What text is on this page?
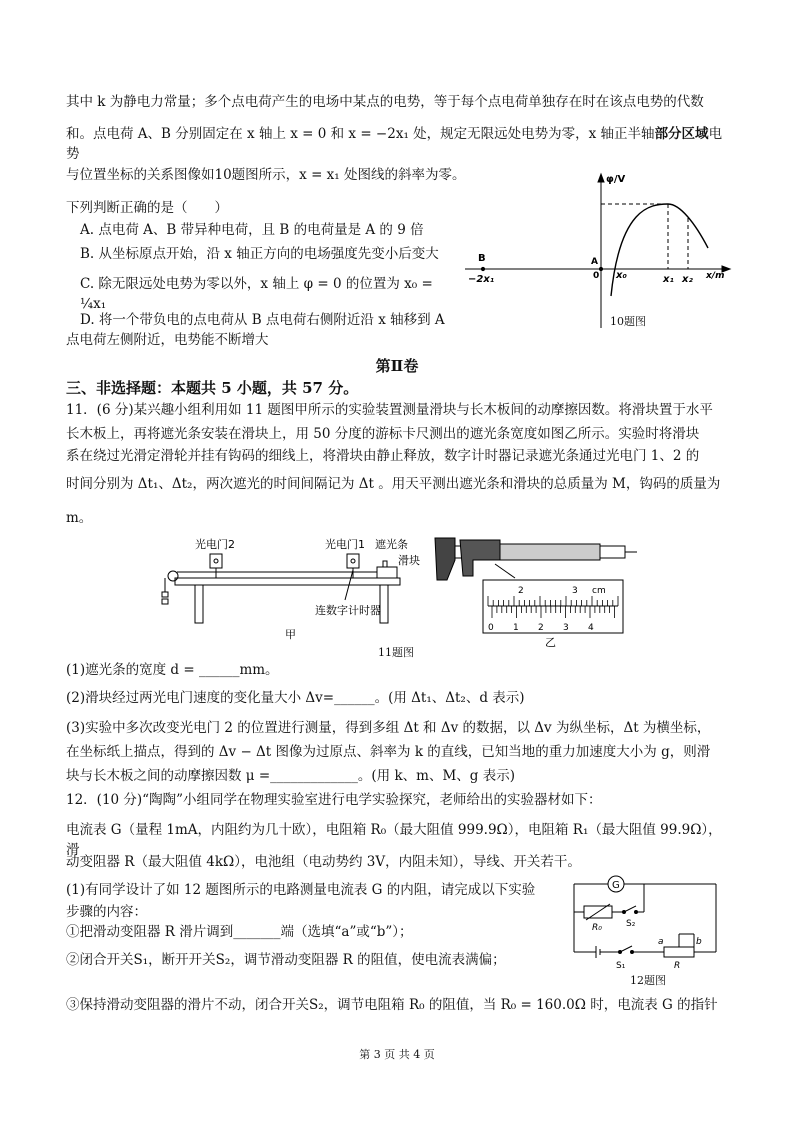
其中 k 为静电力常量；多个点电荷产生的电场中某点的电势，等于每个点电荷单独存在时在该点电势的代数

和。点电荷 A、B 分别固定在 x 轴上 x = 0 和 x = −2x₁ 处，规定无限远处电势为零，x 轴正半轴部分区域电势

与位置坐标的关系图像如10题图所示，x = x₁ 处图线的斜率为零。

下列判断正确的是（　　）

A. 点电荷 A、B 带异种电荷，且 B 的电荷量是 A 的 9 倍

B. 从坐标原点开始，沿 x 轴正方向的电场强度先变小后变大

C. 除无限远处电势为零以外，x 轴上 φ = 0 的位置为 x₀ = ¼x₁

D. 将一个带负电的点电荷从 B 点电荷右侧附近沿 x 轴移到 A

点电荷左侧附近，电势能不断增大

φ/V
x/m
B	A
−2x₁	0 x₀	x₁ x₂
10题图
第Ⅱ卷
三、非选择题：本题共 5 小题，共 57 分。

11．(6 分)某兴趣小组利用如 11 题图甲所示的实验装置测量滑块与长木板间的动摩擦因数。将滑块置于水平

长木板上，再将遮光条安装在滑块上，用 50 分度的游标卡尺测出的遮光条宽度如图乙所示。实验时将滑块

系在绕过光滑定滑轮并挂有钩码的细线上，将滑块由静止释放，数字计时器记录遮光条通过光电门 1、2 的

时间分别为 Δt₁、Δt₂，两次遮光的时间间隔记为 Δt 。用天平测出遮光条和滑块的总质量为 M，钩码的质量为

m。

光电门2	光电门1 遮光条
滑块
连数字计时器
甲
2	3 cm
0 1 2 3 4
乙
11题图

(1)遮光条的宽度 d = ______mm。

(2)滑块经过两光电门速度的变化量大小 Δv=______。(用 Δt₁、Δt₂、d 表示)

(3)实验中多次改变光电门 2 的位置进行测量，得到多组 Δt 和 Δv 的数据，以 Δv 为纵坐标，Δt 为横坐标，

在坐标纸上描点，得到的 Δv − Δt 图像为过原点、斜率为 k 的直线，已知当地的重力加速度大小为 g，则滑

块与长木板之间的动摩擦因数 μ =_____________。(用 k、m、M、g 表示)

12．(10 分)“陶陶”小组同学在物理实验室进行电学实验探究，老师给出的实验器材如下：

电流表 G（量程 1mA，内阻约为几十欧），电阻箱 R₀（最大阻值 999.9Ω），电阻箱 R₁（最大阻值 99.9Ω），滑

动变阻器 R（最大阻值 4kΩ），电池组（电动势约 3V，内阻未知），导线、开关若干。

(1)有同学设计了如 12 题图所示的电路测量电流表 G 的内阻，请完成以下实验

步骤的内容：

①把滑动变阻器 R 滑片调到_______端（选填“a”或“b”）；

②闭合开关S₁，断开开关S₂，调节滑动变阻器 R 的阻值，使电流表满偏；

③保持滑动变阻器的滑片不动，闭合开关S₂，调节电阻箱 R₀ 的阻值，当 R₀ = 160.0Ω 时，电流表 G 的指针

G
R₀	S₂
S₁
a
R
b
12题图
第 3 页 共 4 页
